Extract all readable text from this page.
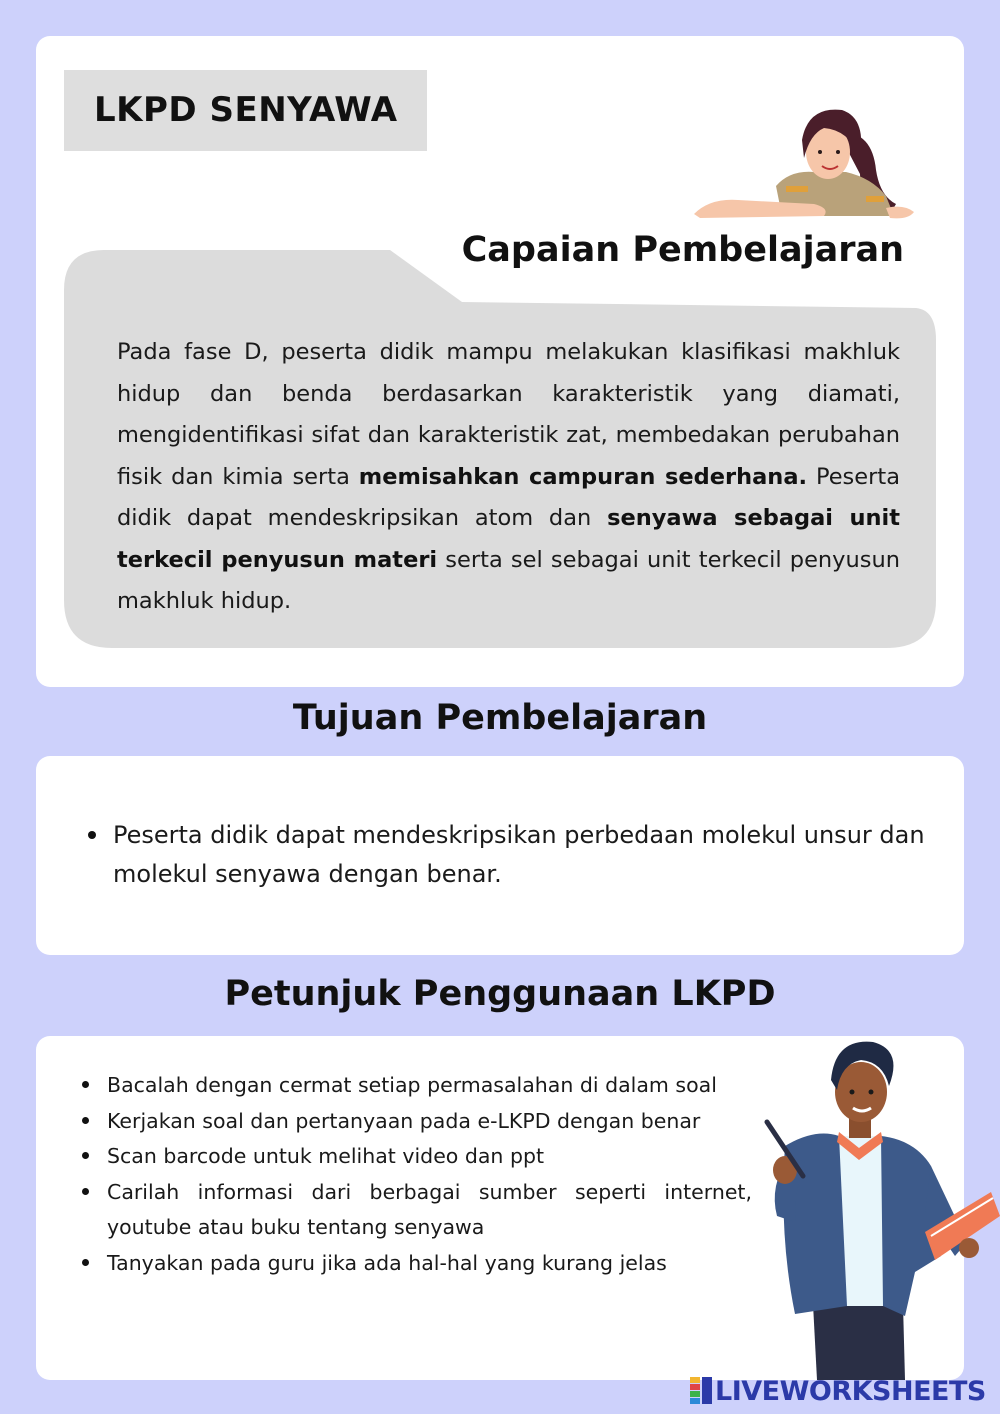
LKPD SENYAWA
Capaian Pembelajaran
Pada fase D, peserta didik mampu melakukan klasifikasi makhluk hidup dan benda berdasarkan karakteristik yang diamati, mengidentifikasi sifat dan karakteristik zat, membedakan perubahan fisik dan kimia serta memisahkan campuran sederhana. Peserta didik dapat mendeskripsikan atom dan senyawa sebagai unit terkecil penyusun materi serta sel sebagai unit terkecil penyusun makhluk hidup.
Tujuan Pembelajaran
Peserta didik dapat mendeskripsikan perbedaan molekul unsur dan molekul senyawa dengan benar.
Petunjuk Penggunaan LKPD
Bacalah dengan cermat setiap permasalahan di dalam soal
Kerjakan soal dan pertanyaan pada e-LKPD dengan benar
Scan barcode untuk melihat video dan ppt
Carilah informasi dari berbagai sumber seperti internet, youtube atau buku tentang senyawa
Tanyakan pada guru jika ada hal-hal yang kurang jelas
LIVEWORKSHEETS
